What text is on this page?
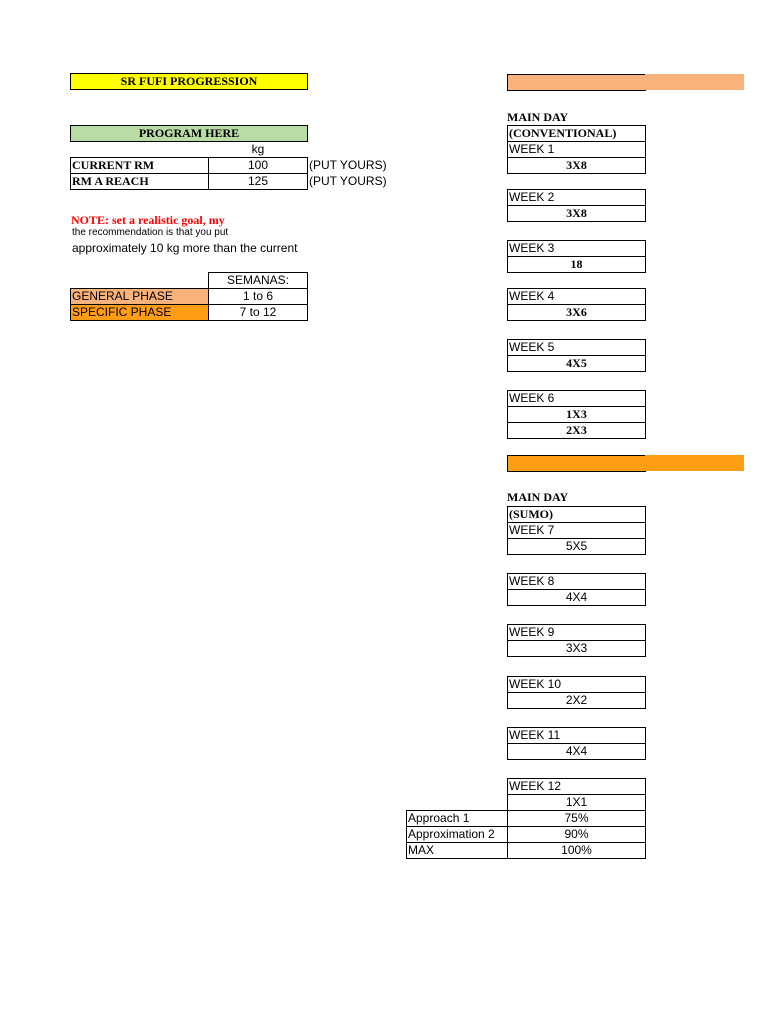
SR FUFI PROGRESSION
PROGRAM HERE
kg
CURRENT RM	100	(PUT YOURS)
RM A REACH	125	(PUT YOURS)
NOTE: set a realistic goal, my
the recommendation is that you put
approximately 10 kg more than the current
SEMANAS:
GENERAL PHASE	1 to 6
SPECIFIC PHASE	7 to 12
MAIN DAY
(CONVENTIONAL)
WEEK 1
3X8
WEEK 2
3X8
WEEK 3
18
WEEK 4
3X6
WEEK 5
4X5
WEEK 6
1X3
2X3
MAIN DAY
(SUMO)
WEEK 7
5X5
WEEK 8
4X4
WEEK 9
3X3
WEEK 10
2X2
WEEK 11
4X4
WEEK 12
1X1
Approach 1	75%
Approximation 2	90%
MAX	100%
